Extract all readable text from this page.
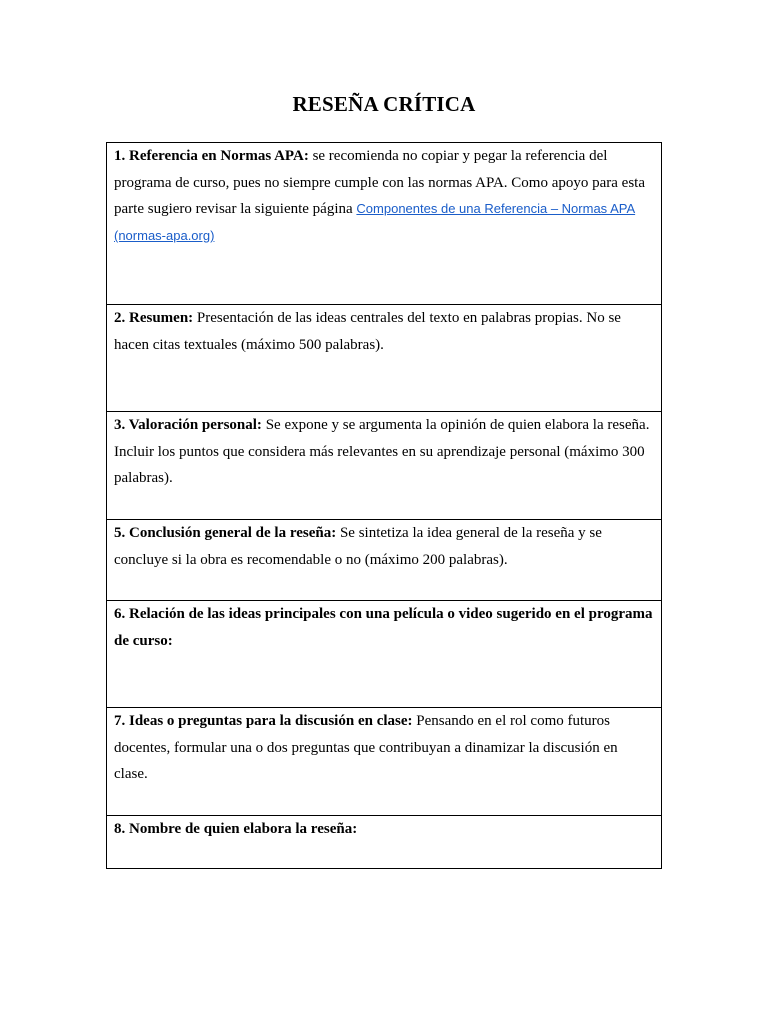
RESEÑA CRÍTICA
1. Referencia en Normas APA: se recomienda no copiar y pegar la referencia del programa de curso, pues no siempre cumple con las normas APA. Como apoyo para esta parte sugiero revisar la siguiente página Componentes de una Referencia – Normas APA (normas-apa.org)

2. Resumen: Presentación de las ideas centrales del texto en palabras propias. No se hacen citas textuales (máximo 500 palabras).

3. Valoración personal: Se expone y se argumenta la opinión de quien elabora la reseña. Incluir los puntos que considera más relevantes en su aprendizaje personal (máximo 300 palabras).

5. Conclusión general de la reseña: Se sintetiza la idea general de la reseña y se concluye si la obra es recomendable o no (máximo 200 palabras).

6. Relación de las ideas principales con una película o video sugerido en el programa de curso:

7. Ideas o preguntas para la discusión en clase: Pensando en el rol como futuros docentes, formular una o dos preguntas que contribuyan a dinamizar la discusión en clase.

8. Nombre de quien elabora la reseña:
